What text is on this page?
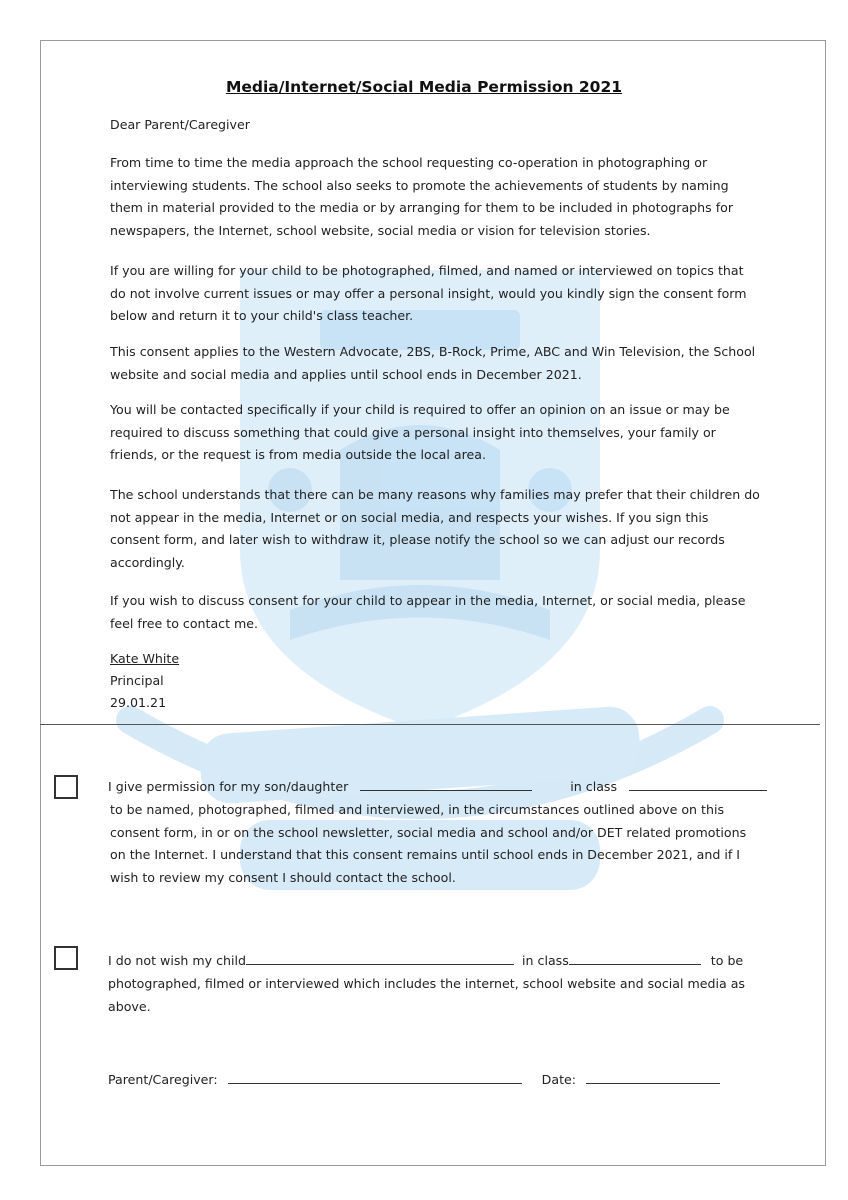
Media/Internet/Social Media Permission 2021

Dear Parent/Caregiver

From time to time the media approach the school requesting co-operation in photographing or interviewing students. The school also seeks to promote the achievements of students by naming them in material provided to the media or by arranging for them to be included in photographs for newspapers, the Internet, school website, social media or vision for television stories.

If you are willing for your child to be photographed, filmed, and named or interviewed on topics that do not involve current issues or may offer a personal insight, would you kindly sign the consent form below and return it to your child's class teacher.

This consent applies to the Western Advocate, 2BS, B-Rock, Prime, ABC and Win Television, the School website and social media and applies until school ends in December 2021.

You will be contacted specifically if your child is required to offer an opinion on an issue or may be required to discuss something that could give a personal insight into themselves, your family or friends, or the request is from media outside the local area.

The school understands that there can be many reasons why families may prefer that their children do not appear in the media, Internet or on social media, and respects your wishes. If you sign this consent form, and later wish to withdraw it, please notify the school so we can adjust our records accordingly.

If you wish to discuss consent for your child to appear in the media, Internet, or social media, please feel free to contact me.

Kate White

Principal

29.01.21

I give permission for my son/daughter	in class

to be named, photographed, filmed and interviewed, in the circumstances outlined above on this consent form, in or on the school newsletter, social media and school and/or DET related promotions on the Internet. I understand that this consent remains until school ends in December 2021, and if I wish to review my consent I should contact the school.

I do not wish my child	in class	to be

photographed, filmed or interviewed which includes the internet, school website and social media as above.

Parent/Caregiver:	Date:
